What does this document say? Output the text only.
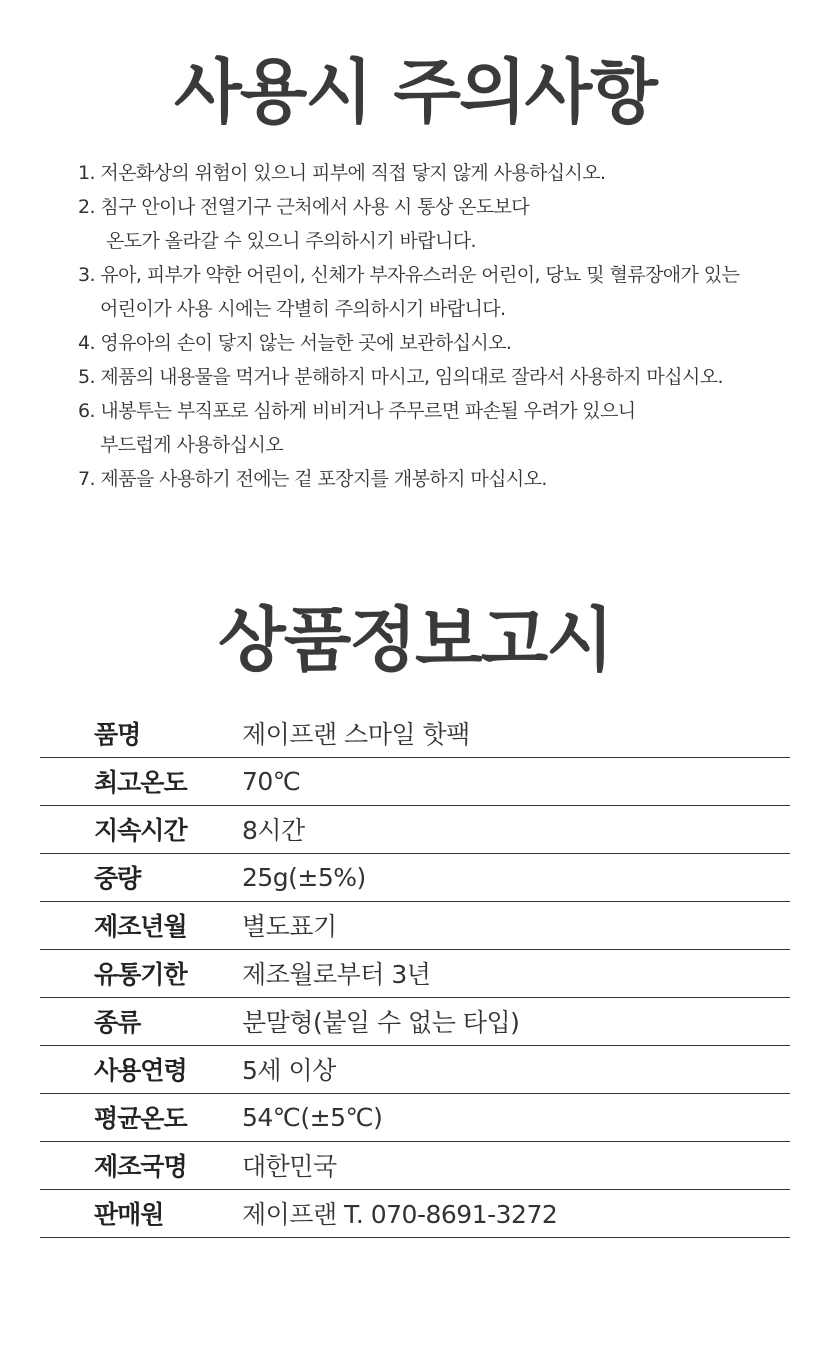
사용시 주의사항
1. 저온화상의 위험이 있으니 피부에 직접 닿지 않게 사용하십시오.
2. 침구 안이나 전열기구 근처에서 사용 시 통상 온도보다
온도가 올라갈 수 있으니 주의하시기 바랍니다.
3. 유아, 피부가 약한 어린이, 신체가 부자유스러운 어린이, 당뇨 및 혈류장애가 있는
어린이가 사용 시에는 각별히 주의하시기 바랍니다.
4. 영유아의 손이 닿지 않는 서늘한 곳에 보관하십시오.
5. 제품의 내용물을 먹거나 분해하지 마시고, 임의대로 잘라서 사용하지 마십시오.
6. 내봉투는 부직포로 심하게 비비거나 주무르면 파손될 우려가 있으니
부드럽게 사용하십시오
7. 제품을 사용하기 전에는 겉 포장지를 개봉하지 마십시오.
상품정보고시
품명	제이프랜 스마일 핫팩
최고온도	70℃
지속시간	8시간
중량	25g(±5%)
제조년월	별도표기
유통기한	제조월로부터 3년
종류	분말형(붙일 수 없는 타입)
사용연령	5세 이상
평균온도	54℃(±5℃)
제조국명	대한민국
판매원	제이프랜 T. 070-8691-3272
